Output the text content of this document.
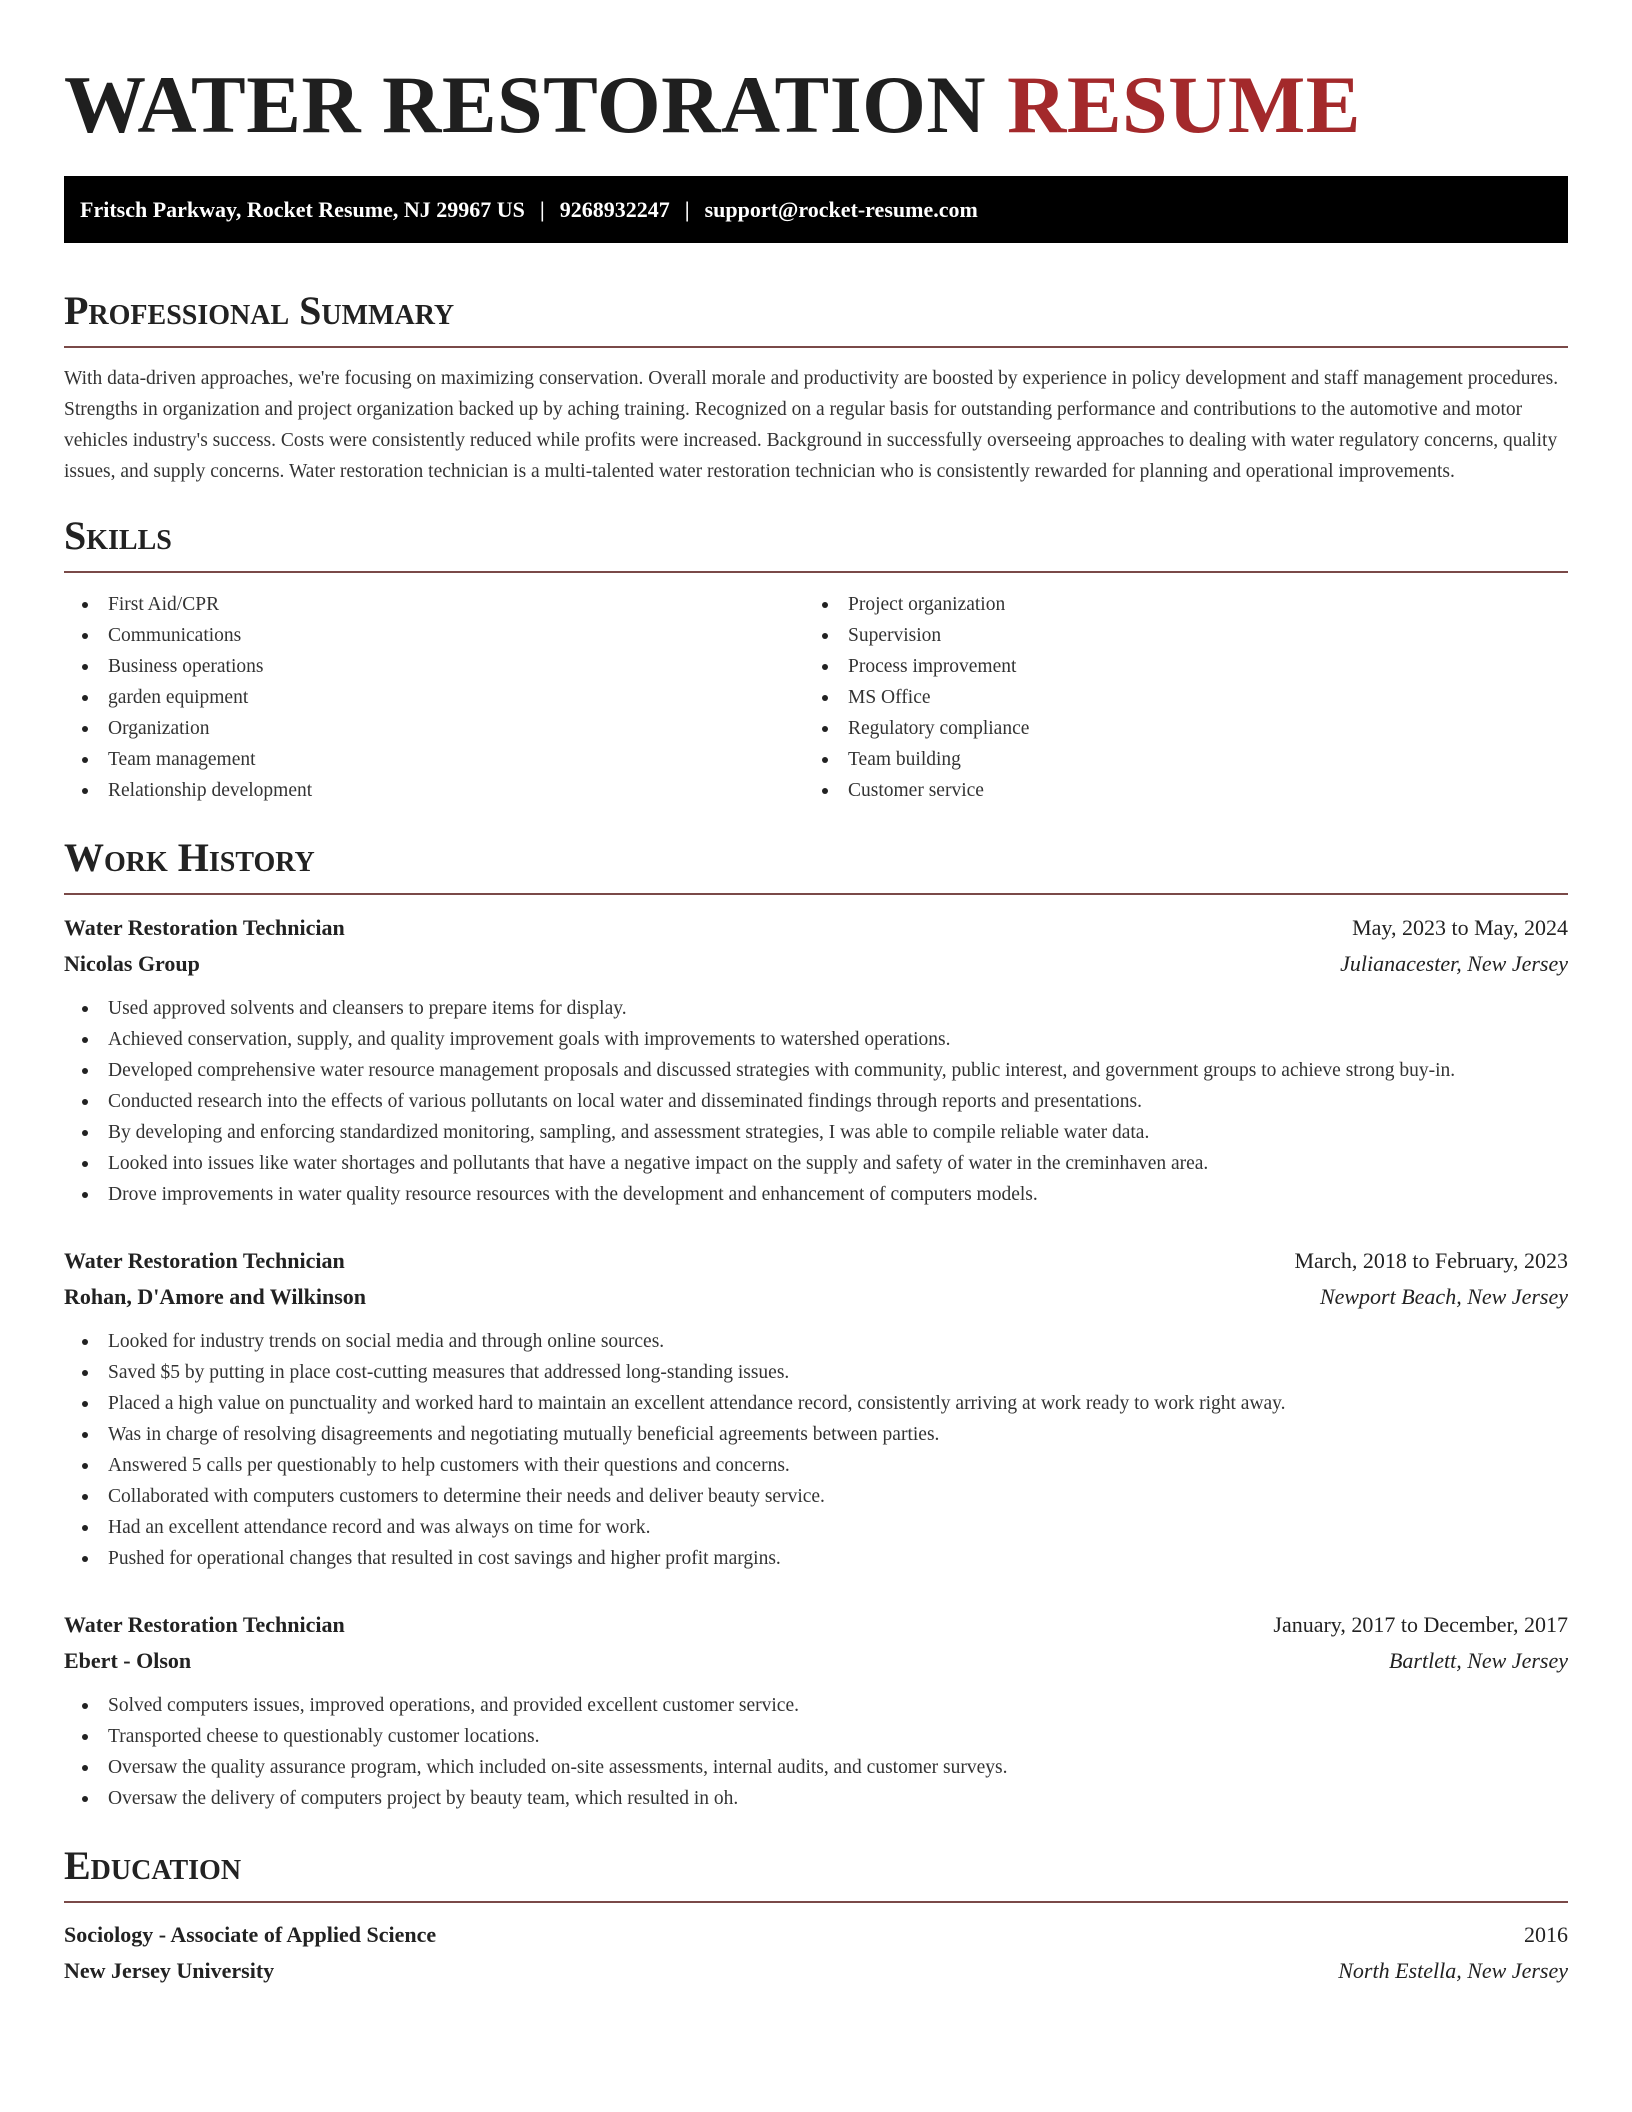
WATER RESTORATION RESUME
Fritsch Parkway, Rocket Resume, NJ 29967 US | 9268932247 | support@rocket-resume.com
Professional Summary

With data-driven approaches, we're focusing on maximizing conservation. Overall morale and productivity are boosted by experience in policy development and staff management procedures. Strengths in organization and project organization backed up by aching training. Recognized on a regular basis for outstanding performance and contributions to the automotive and motor vehicles industry's success. Costs were consistently reduced while profits were increased. Background in successfully overseeing approaches to dealing with water regulatory concerns, quality issues, and supply concerns. Water restoration technician is a multi-talented water restoration technician who is consistently rewarded for planning and operational improvements.

Skills
First Aid/CPR
Communications
Business operations
garden equipment
Organization
Team management
Relationship development
Project organization
Supervision
Process improvement
MS Office
Regulatory compliance
Team building
Customer service
Work History
Water Restoration Technician	May, 2023 to May, 2024
Nicolas Group	Julianacester, New Jersey
Used approved solvents and cleansers to prepare items for display.
Achieved conservation, supply, and quality improvement goals with improvements to watershed operations.
Developed comprehensive water resource management proposals and discussed strategies with community, public interest, and government groups to achieve strong buy-in.
Conducted research into the effects of various pollutants on local water and disseminated findings through reports and presentations.
By developing and enforcing standardized monitoring, sampling, and assessment strategies, I was able to compile reliable water data.
Looked into issues like water shortages and pollutants that have a negative impact on the supply and safety of water in the creminhaven area.
Drove improvements in water quality resource resources with the development and enhancement of computers models.
Water Restoration Technician	March, 2018 to February, 2023
Rohan, D'Amore and Wilkinson	Newport Beach, New Jersey
Looked for industry trends on social media and through online sources.
Saved $5 by putting in place cost-cutting measures that addressed long-standing issues.
Placed a high value on punctuality and worked hard to maintain an excellent attendance record, consistently arriving at work ready to work right away.
Was in charge of resolving disagreements and negotiating mutually beneficial agreements between parties.
Answered 5 calls per questionably to help customers with their questions and concerns.
Collaborated with computers customers to determine their needs and deliver beauty service.
Had an excellent attendance record and was always on time for work.
Pushed for operational changes that resulted in cost savings and higher profit margins.
Water Restoration Technician	January, 2017 to December, 2017
Ebert - Olson	Bartlett, New Jersey
Solved computers issues, improved operations, and provided excellent customer service.
Transported cheese to questionably customer locations.
Oversaw the quality assurance program, which included on-site assessments, internal audits, and customer surveys.
Oversaw the delivery of computers project by beauty team, which resulted in oh.
Education
Sociology - Associate of Applied Science	2016
New Jersey University	North Estella, New Jersey
